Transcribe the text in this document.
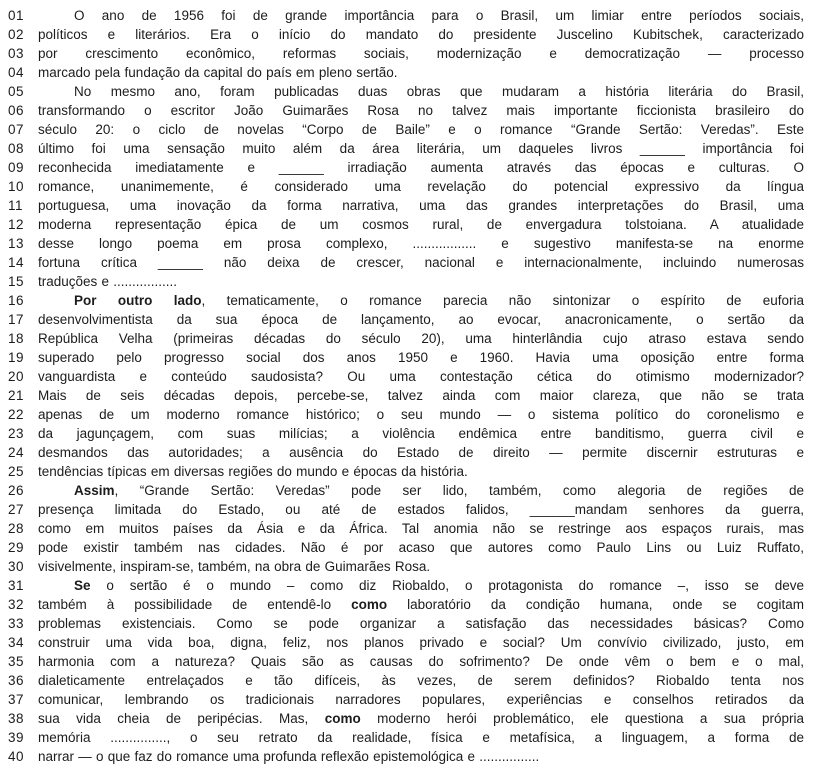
01	O ano de 1956 foi de grande importância para o Brasil, um limiar entre períodos sociais,
02	políticos e literários. Era o início do mandato do presidente Juscelino Kubitschek, caracterizado
03	por crescimento econômico, reformas sociais, modernização e democratização — processo
04	marcado pela fundação da capital do país em pleno sertão.
05	No mesmo ano, foram publicadas duas obras que mudaram a história literária do Brasil,
06	transformando o escritor João Guimarães Rosa no talvez mais importante ficcionista brasileiro do
07	século 20: o ciclo de novelas “Corpo de Baile” e o romance “Grande Sertão: Veredas”. Este
08	último foi uma sensação muito além da área literária, um daqueles livros ______ importância foi
09	reconhecida imediatamente e ______ irradiação aumenta através das épocas e culturas. O
10	romance, unanimemente, é considerado uma revelação do potencial expressivo da língua
11	portuguesa, uma inovação da forma narrativa, uma das grandes interpretações do Brasil, uma
12	moderna representação épica de um cosmos rural, de envergadura tolstoiana. A atualidade
13	desse longo poema em prosa complexo, ................. e sugestivo manifesta-se na enorme
14	fortuna crítica ______ não deixa de crescer, nacional e internacionalmente, incluindo numerosas
15	traduções e .................
16	Por outro lado, tematicamente, o romance parecia não sintonizar o espírito de euforia
17	desenvolvimentista da sua época de lançamento, ao evocar, anacronicamente, o sertão da
18	República Velha (primeiras décadas do século 20), uma hinterlândia cujo atraso estava sendo
19	superado pelo progresso social dos anos 1950 e 1960. Havia uma oposição entre forma
20	vanguardista e conteúdo saudosista? Ou uma contestação cética do otimismo modernizador?
21	Mais de seis décadas depois, percebe-se, talvez ainda com maior clareza, que não se trata
22	apenas de um moderno romance histórico; o seu mundo — o sistema político do coronelismo e
23	da jagunçagem, com suas milícias; a violência endêmica entre banditismo, guerra civil e
24	desmandos das autoridades; a ausência do Estado de direito — permite discernir estruturas e
25	tendências típicas em diversas regiões do mundo e épocas da história.
26	Assim, “Grande Sertão: Veredas” pode ser lido, também, como alegoria de regiões de
27	presença limitada do Estado, ou até de estados falidos, ______mandam senhores da guerra,
28	como em muitos países da Ásia e da África. Tal anomia não se restringe aos espaços rurais, mas
29	pode existir também nas cidades. Não é por acaso que autores como Paulo Lins ou Luiz Ruffato,
30	visivelmente, inspiram-se, também, na obra de Guimarães Rosa.
31	Se o sertão é o mundo – como diz Riobaldo, o protagonista do romance –, isso se deve
32	também à possibilidade de entendê-lo como laboratório da condição humana, onde se cogitam
33	problemas existenciais. Como se pode organizar a satisfação das necessidades básicas? Como
34	construir uma vida boa, digna, feliz, nos planos privado e social? Um convívio civilizado, justo, em
35	harmonia com a natureza? Quais são as causas do sofrimento? De onde vêm o bem e o mal,
36	dialeticamente entrelaçados e tão difíceis, às vezes, de serem definidos? Riobaldo tenta nos
37	comunicar, lembrando os tradicionais narradores populares, experiências e conselhos retirados da
38	sua vida cheia de peripécias. Mas, como moderno herói problemático, ele questiona a sua própria
39	memória ..............., o seu retrato da realidade, física e metafísica, a linguagem, a forma de
40	narrar — o que faz do romance uma profunda reflexão epistemológica e ................
